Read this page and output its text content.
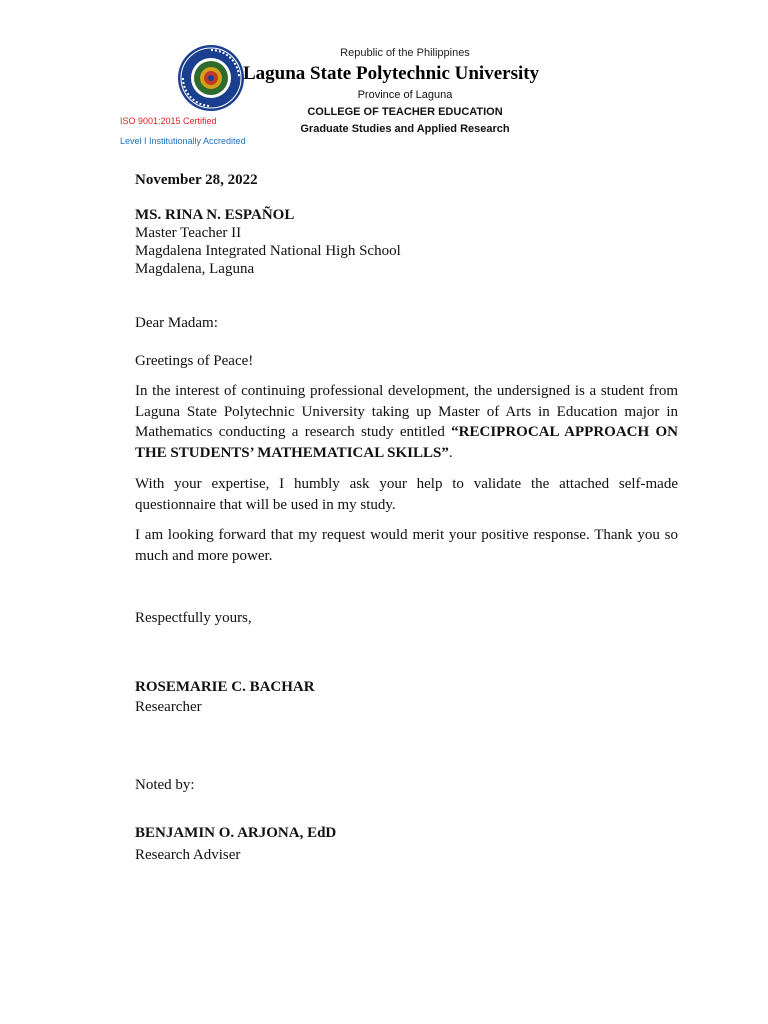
Republic of the Philippines
Laguna State Polytechnic University
Province of Laguna
COLLEGE OF TEACHER EDUCATION
Graduate Studies and Applied Research
ISO 9001:2015 Certified
Level I Institutionally Accredited
November 28, 2022
MS. RINA N. ESPAÑOL
Master Teacher II
Magdalena Integrated National High School
Magdalena, Laguna
Dear Madam:
Greetings of Peace!
In the interest of continuing professional development, the undersigned is a student from Laguna State Polytechnic University taking up Master of Arts in Education major in Mathematics conducting a research study entitled “RECIPROCAL APPROACH ON THE STUDENTS’ MATHEMATICAL SKILLS”.
With your expertise, I humbly ask your help to validate the attached self-made questionnaire that will be used in my study.
I am looking forward that my request would merit your positive response. Thank you so much and more power.
Respectfully yours,
ROSEMARIE C. BACHAR
Researcher
Noted by:
BENJAMIN O. ARJONA, EdD
Research Adviser
